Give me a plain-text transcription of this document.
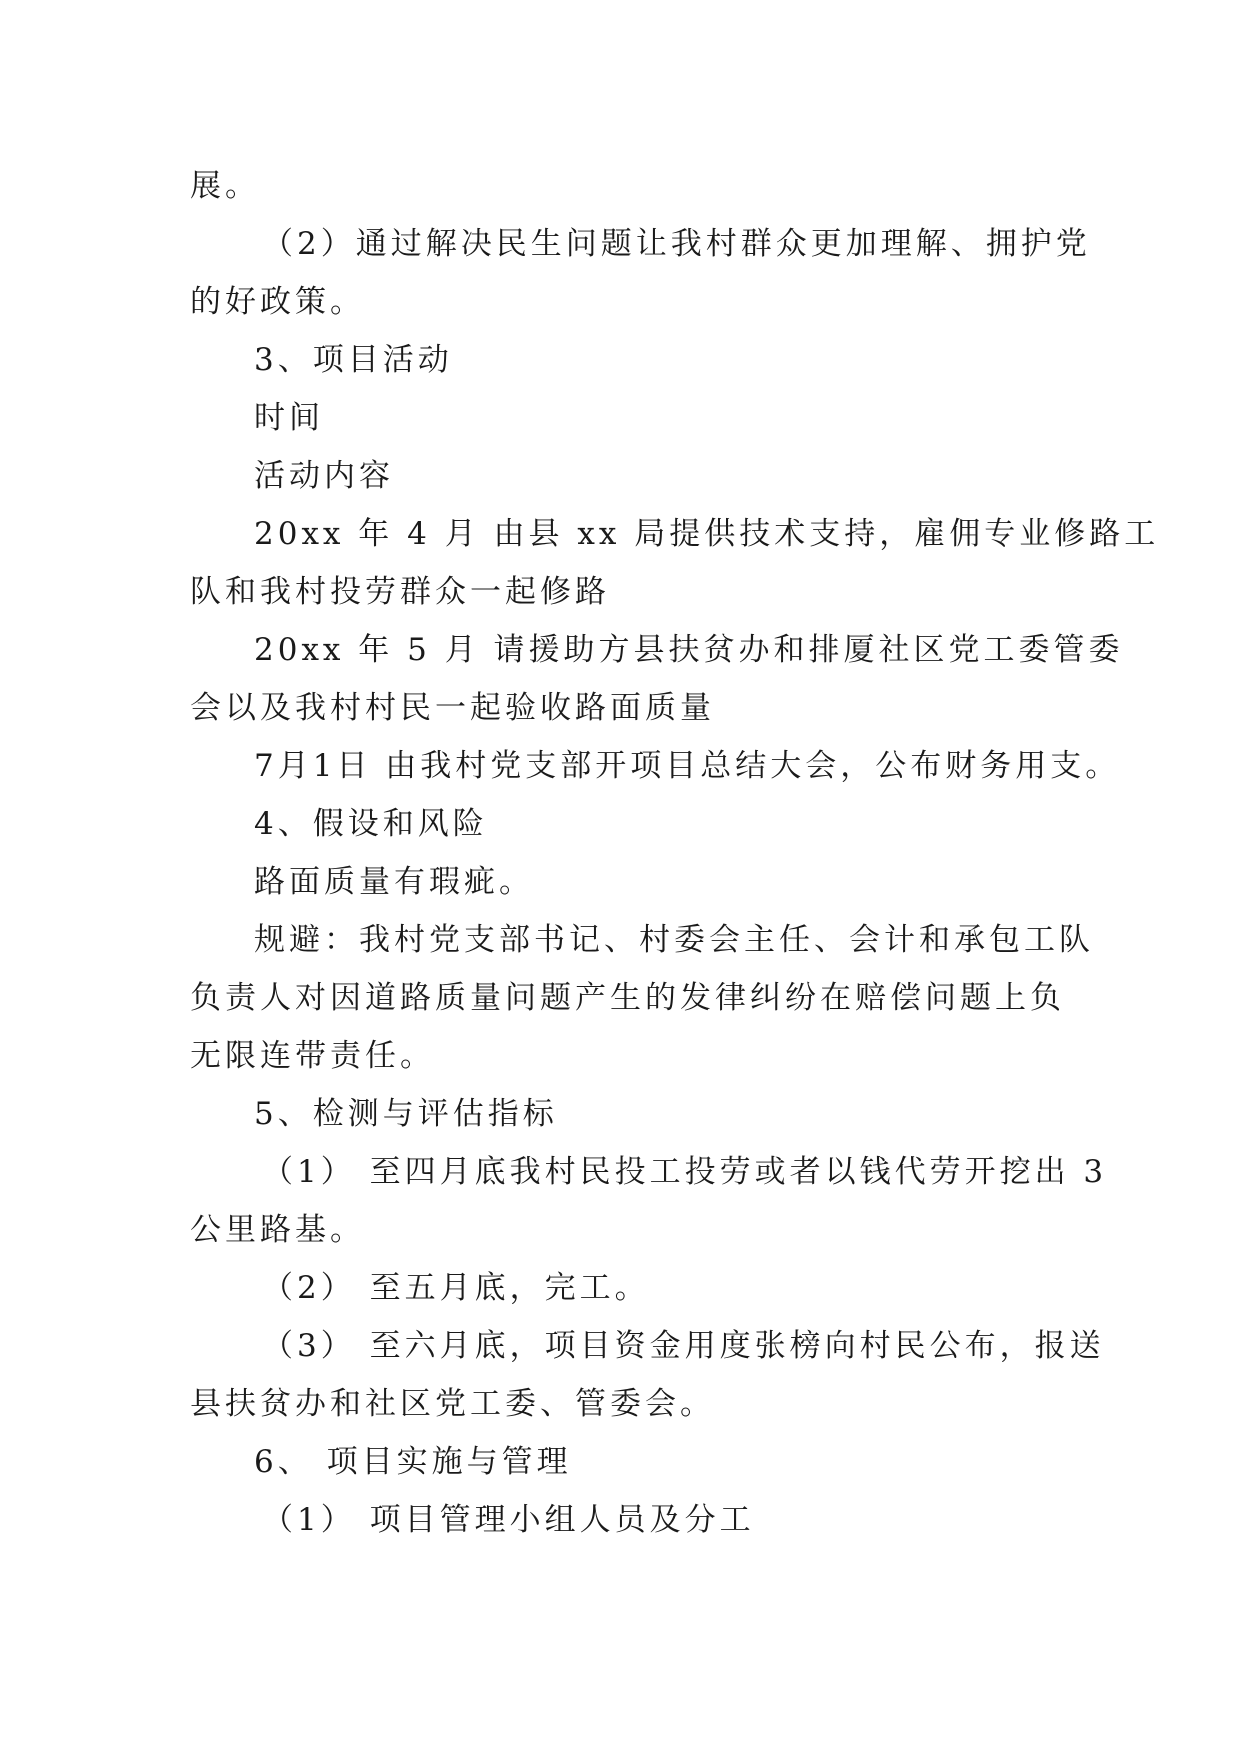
展。
（2）通过解决民生问题让我村群众更加理解、拥护党
的好政策。
3、项目活动
时间
活动内容
20xx 年 4 月 由县 xx 局提供技术支持，雇佣专业修路工
队和我村投劳群众一起修路
20xx 年 5 月 请援助方县扶贫办和排厦社区党工委管委
会以及我村村民一起验收路面质量
7月1日 由我村党支部开项目总结大会，公布财务用支。
4、假设和风险
路面质量有瑕疵。
规避：我村党支部书记、村委会主任、会计和承包工队
负责人对因道路质量问题产生的发律纠纷在赔偿问题上负
无限连带责任。
5、检测与评估指标
（1） 至四月底我村民投工投劳或者以钱代劳开挖出 3
公里路基。
（2） 至五月底，完工。
（3） 至六月底，项目资金用度张榜向村民公布，报送
县扶贫办和社区党工委、管委会。
6、 项目实施与管理
（1） 项目管理小组人员及分工
